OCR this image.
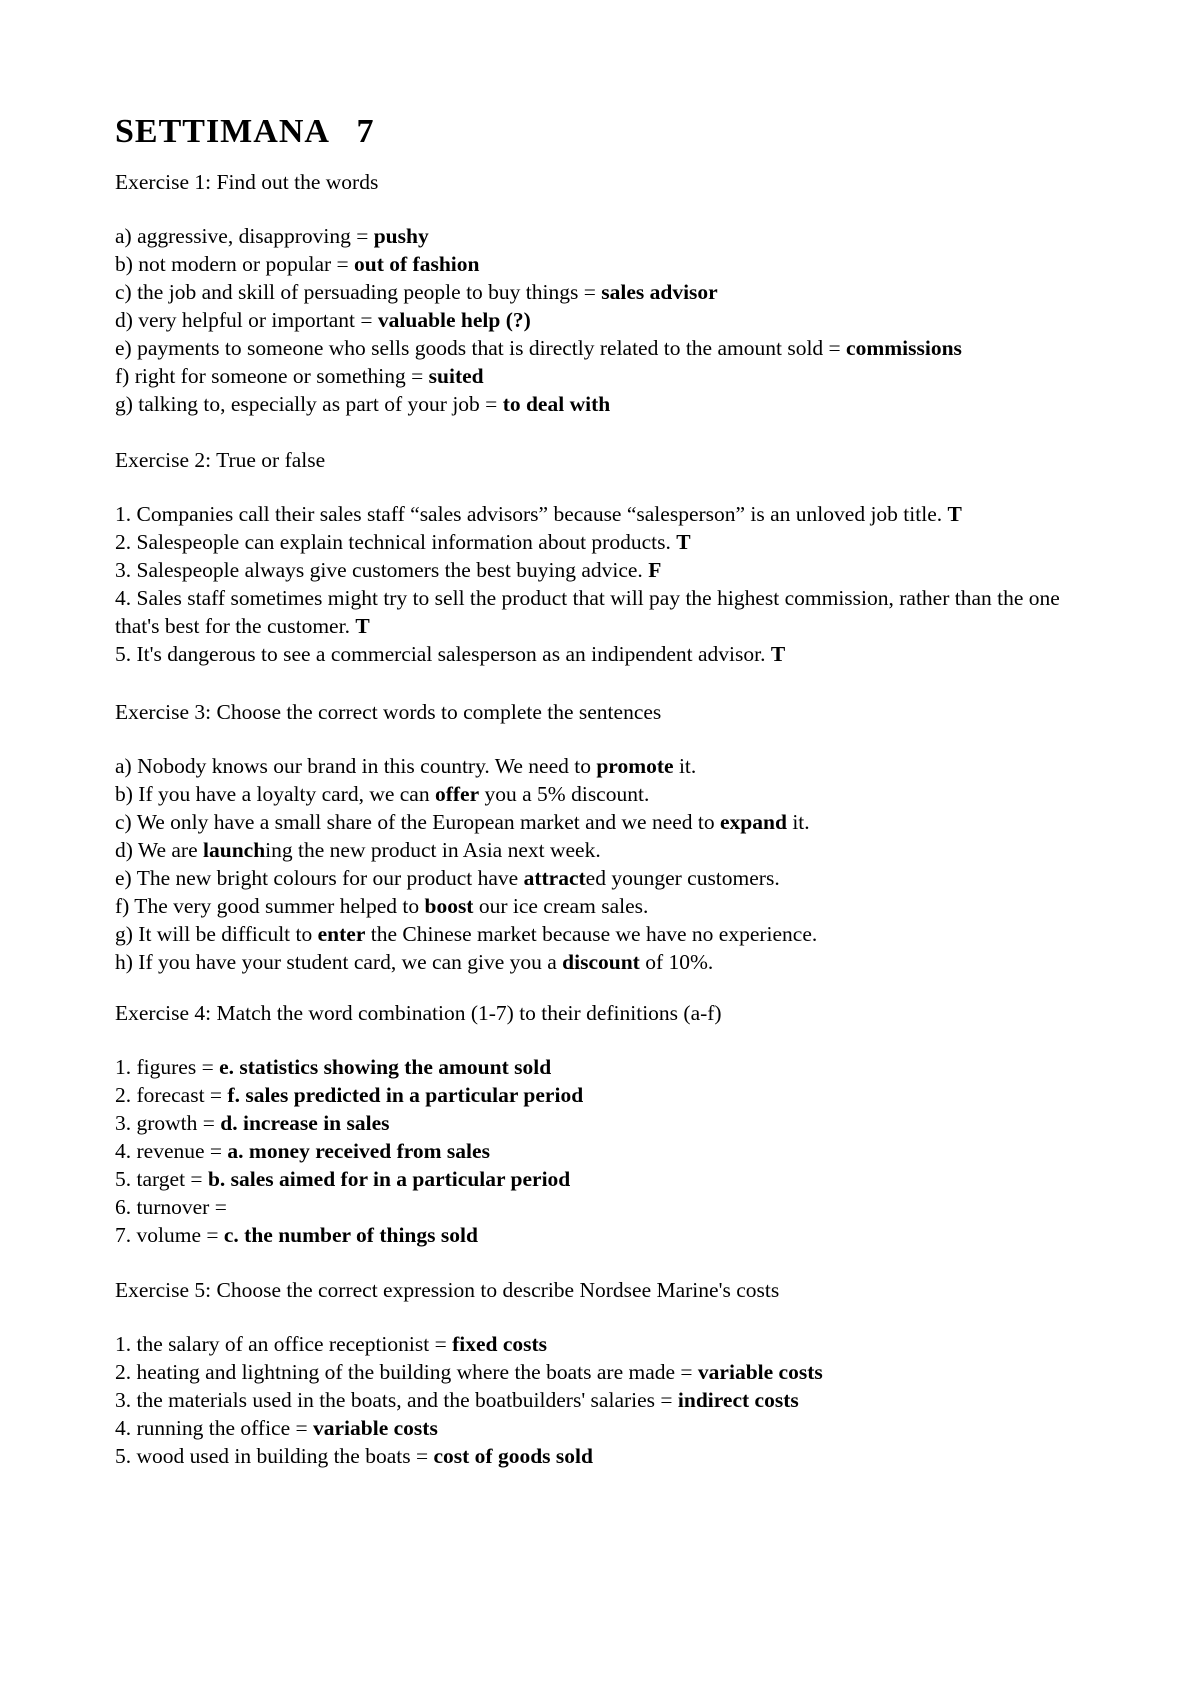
SETTIMANA   7
Exercise 1: Find out the words
a) aggressive, disapproving = pushy
b) not modern or popular = out of fashion
c) the job and skill of persuading people to buy things = sales advisor
d) very helpful or important = valuable help (?)
e) payments to someone who sells goods that is directly related to the amount sold = commissions
f) right for someone or something = suited
g) talking to, especially as part of your job = to deal with
Exercise 2: True or false
1. Companies call their sales staff “sales advisors” because “salesperson” is an unloved job title. T
2. Salespeople can explain technical information about products. T
3. Salespeople always give customers the best buying advice. F
4. Sales staff sometimes might try to sell the product that will pay the highest commission, rather than the one that's best for the customer. T
5. It's dangerous to see a commercial salesperson as an indipendent advisor. T
Exercise 3: Choose the correct words to complete the sentences
a) Nobody knows our brand in this country. We need to promote it.
b) If you have a loyalty card, we can offer you a 5% discount.
c) We only have a small share of the European market and we need to expand it.
d) We are launching the new product in Asia next week.
e) The new bright colours for our product have attracted younger customers.
f) The very good summer helped to boost our ice cream sales.
g) It will be difficult to enter the Chinese market because we have no experience.
h) If you have your student card, we can give you a discount of 10%.
Exercise 4: Match the word combination (1-7) to their definitions (a-f)
1. figures = e. statistics showing the amount sold
2. forecast = f. sales predicted in a particular period
3. growth = d. increase in sales
4. revenue = a. money received from sales
5. target = b. sales aimed for in a particular period
6. turnover =
7. volume = c. the number of things sold
Exercise 5: Choose the correct expression to describe Nordsee Marine's costs
1. the salary of an office receptionist = fixed costs
2. heating and lightning of the building where the boats are made = variable costs
3. the materials used in the boats, and the boatbuilders' salaries = indirect costs
4. running the office = variable costs
5. wood used in building the boats = cost of goods sold
